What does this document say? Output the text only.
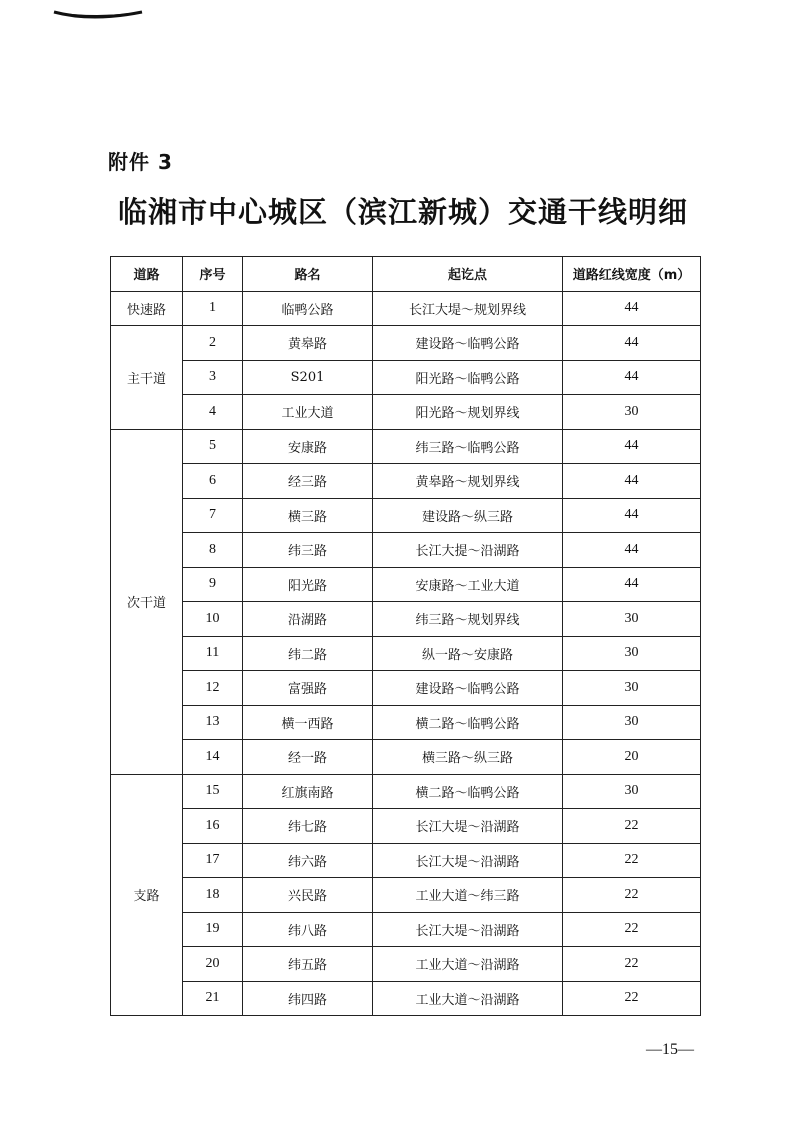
附件 3
临湘市中心城区（滨江新城）交通干线明细
道路	序号	路名	起讫点	道路红线宽度（m）
快速路	1	临鸭公路	长江大堤～规划界线	44
主干道	2	黄皋路	建设路～临鸭公路	44
	3	S201	阳光路～临鸭公路	44
	4	工业大道	阳光路～规划界线	30
次干道	5	安康路	纬三路～临鸭公路	44
	6	经三路	黄皋路～规划界线	44
	7	横三路	建设路～纵三路	44
	8	纬三路	长江大提～沿湖路	44
	9	阳光路	安康路～工业大道	44
	10	沿湖路	纬三路～规划界线	30
	11	纬二路	纵一路～安康路	30
	12	富强路	建设路～临鸭公路	30
	13	横一西路	横二路～临鸭公路	30
	14	经一路	横三路～纵三路	20
支路	15	红旗南路	横二路～临鸭公路	30
	16	纬七路	长江大堤～沿湖路	22
	17	纬六路	长江大堤～沿湖路	22
	18	兴民路	工业大道～纬三路	22
	19	纬八路	长江大堤～沿湖路	22
	20	纬五路	工业大道～沿湖路	22
	21	纬四路	工业大道～沿湖路	22
—15—
